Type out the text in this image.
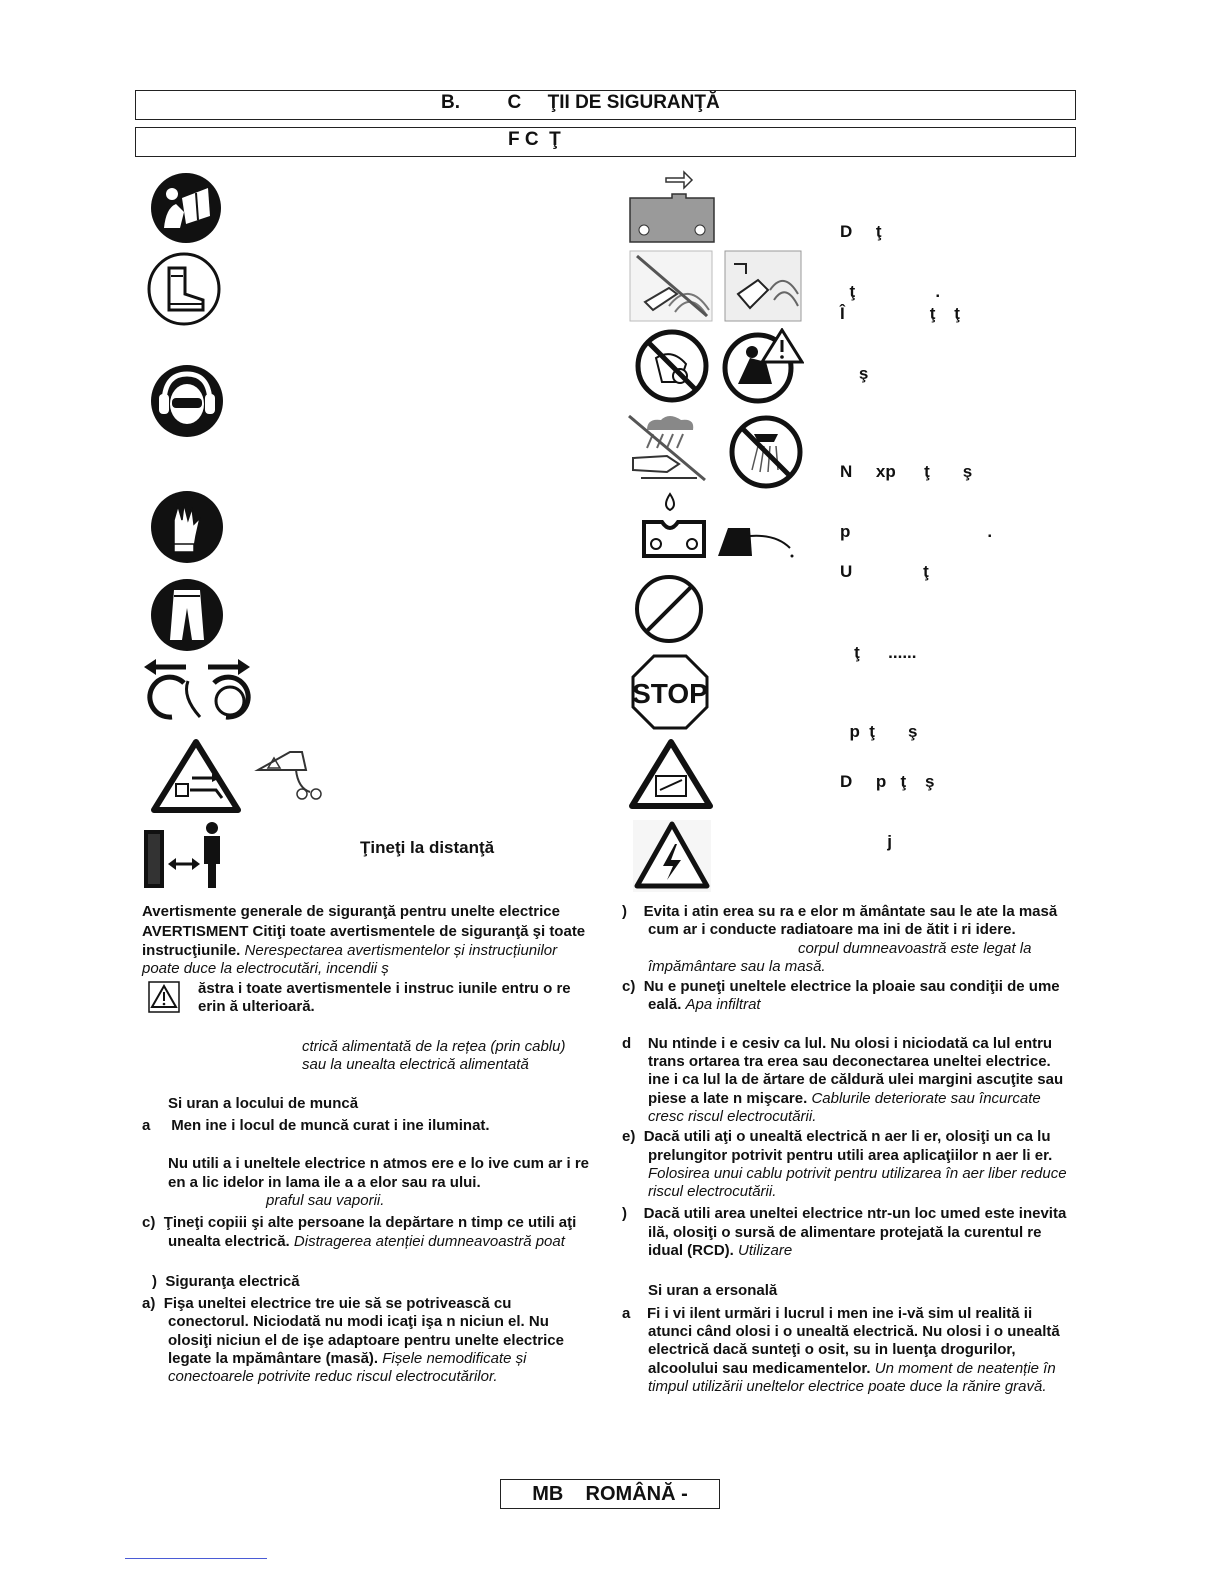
B.         C     ŢII DE SIGURANŢĂ
F C  Ţ
Ţineţi la distanţă

D     ţ

ţ                 .

Î                  ţ    ţ

ş

N     xp      ţ       ş

p                             .

U               ţ

ţ      ......

STOP

p  ţ       ş

D     p   ţ    ş

j

Avertismente generale de siguranţă pentru unelte electrice

AVERTISMENT Citiţi toate avertismentele de siguranţă şi toate instrucţiunile. Nerespectarea avertismentelor și instrucțiunilor poate duce la electrocutări, incendii ș

ăstra i toate avertismentele i instruc iunile entru o re erin ă ulterioară.

ctrică alimentată de la rețea (prin cablu) sau la unealta electrică alimentată

Si uran a locului de muncă

a Men ine i locul de muncă curat i ine iluminat.

Nu utili a i uneltele electrice n atmos ere e lo ive cum ar i re en a lic idelor in lama ile a a elor sau ra ului.

praful sau vaporii.

c) Ţineţi copiii şi alte persoane la depărtare n timp ce utili aţi unealta electrică. Distragerea atenției dumneavoastră poat

) Siguranţa electrică

a) Fişa uneltei electrice tre uie să se potrivească cu conectorul. Niciodată nu modi icaţi işa n niciun el. Nu olosiţi niciun el de işe adaptoare pentru unelte electrice legate la mpământare (masă). Fișele nemodificate și conectoarele potrivite reduc riscul electrocutărilor.

) Evita i atin erea su ra e elor m ământate sau le ate la masă cum ar i conducte radiatoare ma ini de ătit i ri idere. corpul dumneavoastră este legat la împământare sau la masă.

c) Nu e puneţi uneltele electrice la ploaie sau condiţii de ume eală. Apa infiltrat

d Nu ntinde i e cesiv ca lul. Nu olosi i niciodată ca lul entru trans ortarea tra erea sau deconectarea uneltei electrice. ine i ca lul la de ărtare de căldură ulei margini ascuţite sau piese a late n mişcare. Cablurile deteriorate sau încurcate cresc riscul electrocutării.

e) Dacă utili aţi o unealtă electrică n aer li er, olosiţi un ca lu prelungitor potrivit pentru utili area aplicaţiilor n aer li er. Folosirea unui cablu potrivit pentru utilizarea în aer liber reduce riscul electrocutării.

) Dacă utili area uneltei electrice ntr-un loc umed este inevita ilă, olosiţi o sursă de alimentare protejată la curentul re idual (RCD). Utilizare

Si uran a ersonală

a Fi i vi ilent urmări i lucrul i men ine i-vă sim ul realită ii atunci când olosi i o unealtă electrică. Nu olosi i o unealtă electrică dacă sunteţi o osit, su in luenţa drogurilor, alcoolului sau medicamentelor. Un moment de neatenție în timpul utilizării uneltelor electrice poate duce la rănire gravă.

MB    ROMÂNĂ -
